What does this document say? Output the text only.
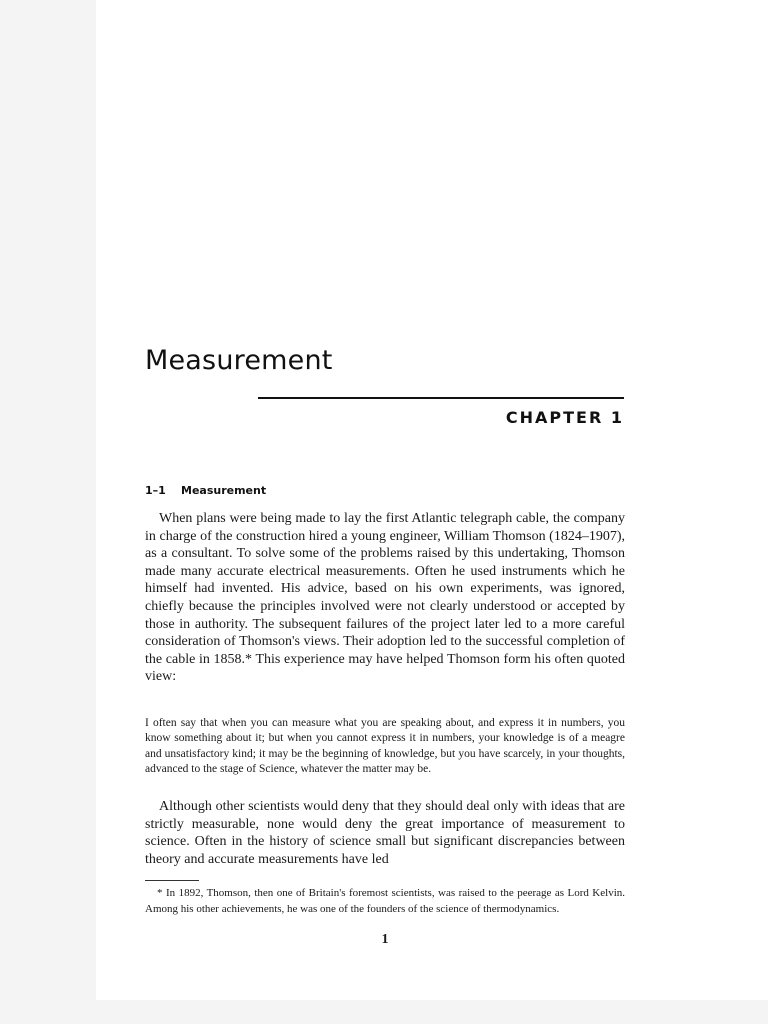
Measurement
CHAPTER 1
1–1 Measurement

When plans were being made to lay the first Atlantic telegraph cable, the company in charge of the construction hired a young engineer, William Thomson (1824–1907), as a consultant. To solve some of the problems raised by this undertaking, Thomson made many accurate electrical measurements. Often he used instruments which he himself had invented. His advice, based on his own experiments, was ignored, chiefly because the principles involved were not clearly understood or accepted by those in authority. The subsequent failures of the project later led to a more careful consideration of Thomson's views. Their adoption led to the successful completion of the cable in 1858.* This experience may have helped Thomson form his often quoted view:

I often say that when you can measure what you are speaking about, and express it in numbers, you know something about it; but when you cannot express it in numbers, your knowledge is of a meagre and unsatisfactory kind; it may be the beginning of knowledge, but you have scarcely, in your thoughts, advanced to the stage of Science, whatever the matter may be.

Although other scientists would deny that they should deal only with ideas that are strictly measurable, none would deny the great importance of measurement to science. Often in the history of science small but significant discrepancies between theory and accurate measurements have led

* In 1892, Thomson, then one of Britain's foremost scientists, was raised to the peerage as Lord Kelvin. Among his other achievements, he was one of the founders of the science of thermodynamics.

1
